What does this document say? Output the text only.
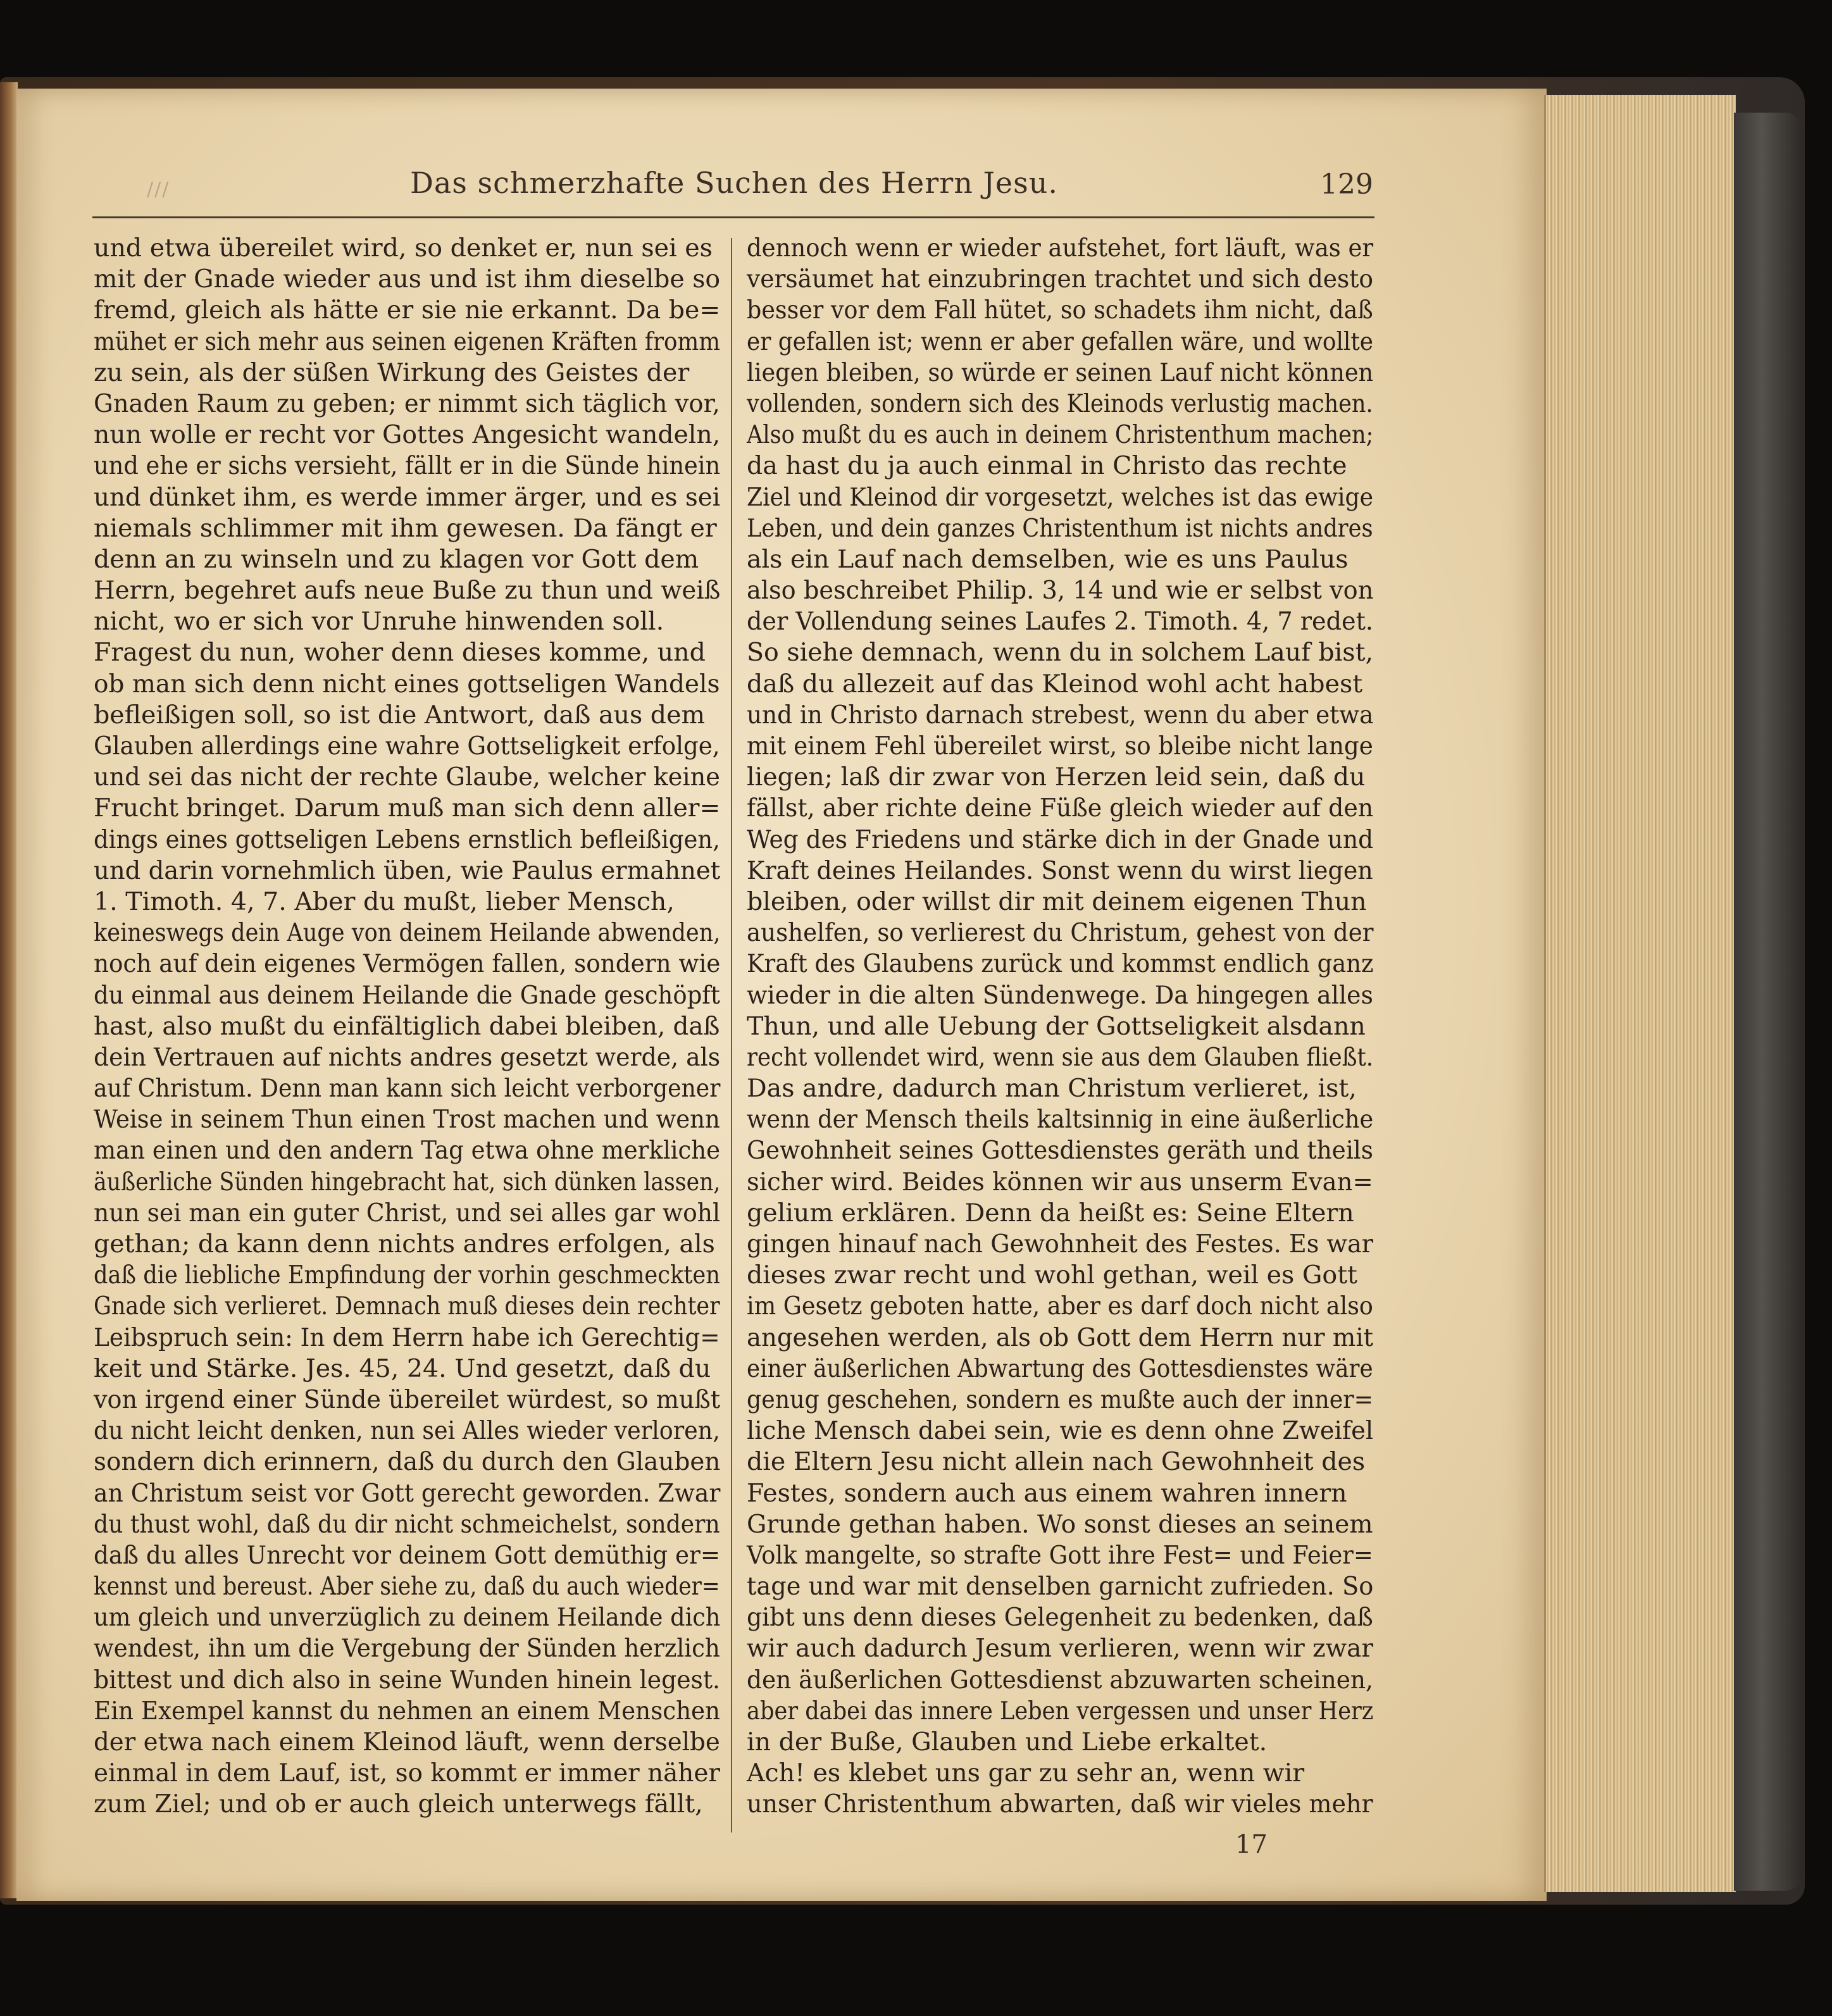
///	Das schmerzhafte Suchen des Herrn Jesu.	129
und etwa übereilet wird, so denket er, nun sei es
mit der Gnade wieder aus und ist ihm dieselbe so
fremd, gleich als hätte er sie nie erkannt. Da be=
mühet er sich mehr aus seinen eigenen Kräften fromm
zu sein, als der süßen Wirkung des Geistes der
Gnaden Raum zu geben; er nimmt sich täglich vor,
nun wolle er recht vor Gottes Angesicht wandeln,
und ehe er sichs versieht, fällt er in die Sünde hinein
und dünket ihm, es werde immer ärger, und es sei
niemals schlimmer mit ihm gewesen. Da fängt er
denn an zu winseln und zu klagen vor Gott dem
Herrn, begehret aufs neue Buße zu thun und weiß
nicht, wo er sich vor Unruhe hinwenden soll.
Fragest du nun, woher denn dieses komme, und
ob man sich denn nicht eines gottseligen Wandels
befleißigen soll, so ist die Antwort, daß aus dem
Glauben allerdings eine wahre Gottseligkeit erfolge,
und sei das nicht der rechte Glaube, welcher keine
Frucht bringet. Darum muß man sich denn aller=
dings eines gottseligen Lebens ernstlich befleißigen,
und darin vornehmlich üben, wie Paulus ermahnet
1. Timoth. 4, 7. Aber du mußt, lieber Mensch,
keineswegs dein Auge von deinem Heilande abwenden,
noch auf dein eigenes Vermögen fallen, sondern wie
du einmal aus deinem Heilande die Gnade geschöpft
hast, also mußt du einfältiglich dabei bleiben, daß
dein Vertrauen auf nichts andres gesetzt werde, als
auf Christum. Denn man kann sich leicht verborgener
Weise in seinem Thun einen Trost machen und wenn
man einen und den andern Tag etwa ohne merkliche
äußerliche Sünden hingebracht hat, sich dünken lassen,
nun sei man ein guter Christ, und sei alles gar wohl
gethan; da kann denn nichts andres erfolgen, als
daß die liebliche Empfindung der vorhin geschmeckten
Gnade sich verlieret. Demnach muß dieses dein rechter
Leibspruch sein: In dem Herrn habe ich Gerechtig=
keit und Stärke. Jes. 45, 24. Und gesetzt, daß du
von irgend einer Sünde übereilet würdest, so mußt
du nicht leicht denken, nun sei Alles wieder verloren,
sondern dich erinnern, daß du durch den Glauben
an Christum seist vor Gott gerecht geworden. Zwar
du thust wohl, daß du dir nicht schmeichelst, sondern
daß du alles Unrecht vor deinem Gott demüthig er=
kennst und bereust. Aber siehe zu, daß du auch wieder=
um gleich und unverzüglich zu deinem Heilande dich
wendest, ihn um die Vergebung der Sünden herzlich
bittest und dich also in seine Wunden hinein legest.
Ein Exempel kannst du nehmen an einem Menschen
der etwa nach einem Kleinod läuft, wenn derselbe
einmal in dem Lauf, ist, so kommt er immer näher
zum Ziel; und ob er auch gleich unterwegs fällt,
dennoch wenn er wieder aufstehet, fort läuft, was er
versäumet hat einzubringen trachtet und sich desto
besser vor dem Fall hütet, so schadets ihm nicht, daß
er gefallen ist; wenn er aber gefallen wäre, und wollte
liegen bleiben, so würde er seinen Lauf nicht können
vollenden, sondern sich des Kleinods verlustig machen.
Also mußt du es auch in deinem Christenthum machen;
da hast du ja auch einmal in Christo das rechte
Ziel und Kleinod dir vorgesetzt, welches ist das ewige
Leben, und dein ganzes Christenthum ist nichts andres
als ein Lauf nach demselben, wie es uns Paulus
also beschreibet Philip. 3, 14 und wie er selbst von
der Vollendung seines Laufes 2. Timoth. 4, 7 redet.
So siehe demnach, wenn du in solchem Lauf bist,
daß du allezeit auf das Kleinod wohl acht habest
und in Christo darnach strebest, wenn du aber etwa
mit einem Fehl übereilet wirst, so bleibe nicht lange
liegen; laß dir zwar von Herzen leid sein, daß du
fällst, aber richte deine Füße gleich wieder auf den
Weg des Friedens und stärke dich in der Gnade und
Kraft deines Heilandes. Sonst wenn du wirst liegen
bleiben, oder willst dir mit deinem eigenen Thun
aushelfen, so verlierest du Christum, gehest von der
Kraft des Glaubens zurück und kommst endlich ganz
wieder in die alten Sündenwege. Da hingegen alles
Thun, und alle Uebung der Gottseligkeit alsdann
recht vollendet wird, wenn sie aus dem Glauben fließt.
Das andre, dadurch man Christum verlieret, ist,
wenn der Mensch theils kaltsinnig in eine äußerliche
Gewohnheit seines Gottesdienstes geräth und theils
sicher wird. Beides können wir aus unserm Evan=
gelium erklären. Denn da heißt es: Seine Eltern
gingen hinauf nach Gewohnheit des Festes. Es war
dieses zwar recht und wohl gethan, weil es Gott
im Gesetz geboten hatte, aber es darf doch nicht also
angesehen werden, als ob Gott dem Herrn nur mit
einer äußerlichen Abwartung des Gottesdienstes wäre
genug geschehen, sondern es mußte auch der inner=
liche Mensch dabei sein, wie es denn ohne Zweifel
die Eltern Jesu nicht allein nach Gewohnheit des
Festes, sondern auch aus einem wahren innern
Grunde gethan haben. Wo sonst dieses an seinem
Volk mangelte, so strafte Gott ihre Fest= und Feier=
tage und war mit denselben garnicht zufrieden. So
gibt uns denn dieses Gelegenheit zu bedenken, daß
wir auch dadurch Jesum verlieren, wenn wir zwar
den äußerlichen Gottesdienst abzuwarten scheinen,
aber dabei das innere Leben vergessen und unser Herz
in der Buße, Glauben und Liebe erkaltet.
Ach! es klebet uns gar zu sehr an, wenn wir
unser Christenthum abwarten, daß wir vieles mehr
17
